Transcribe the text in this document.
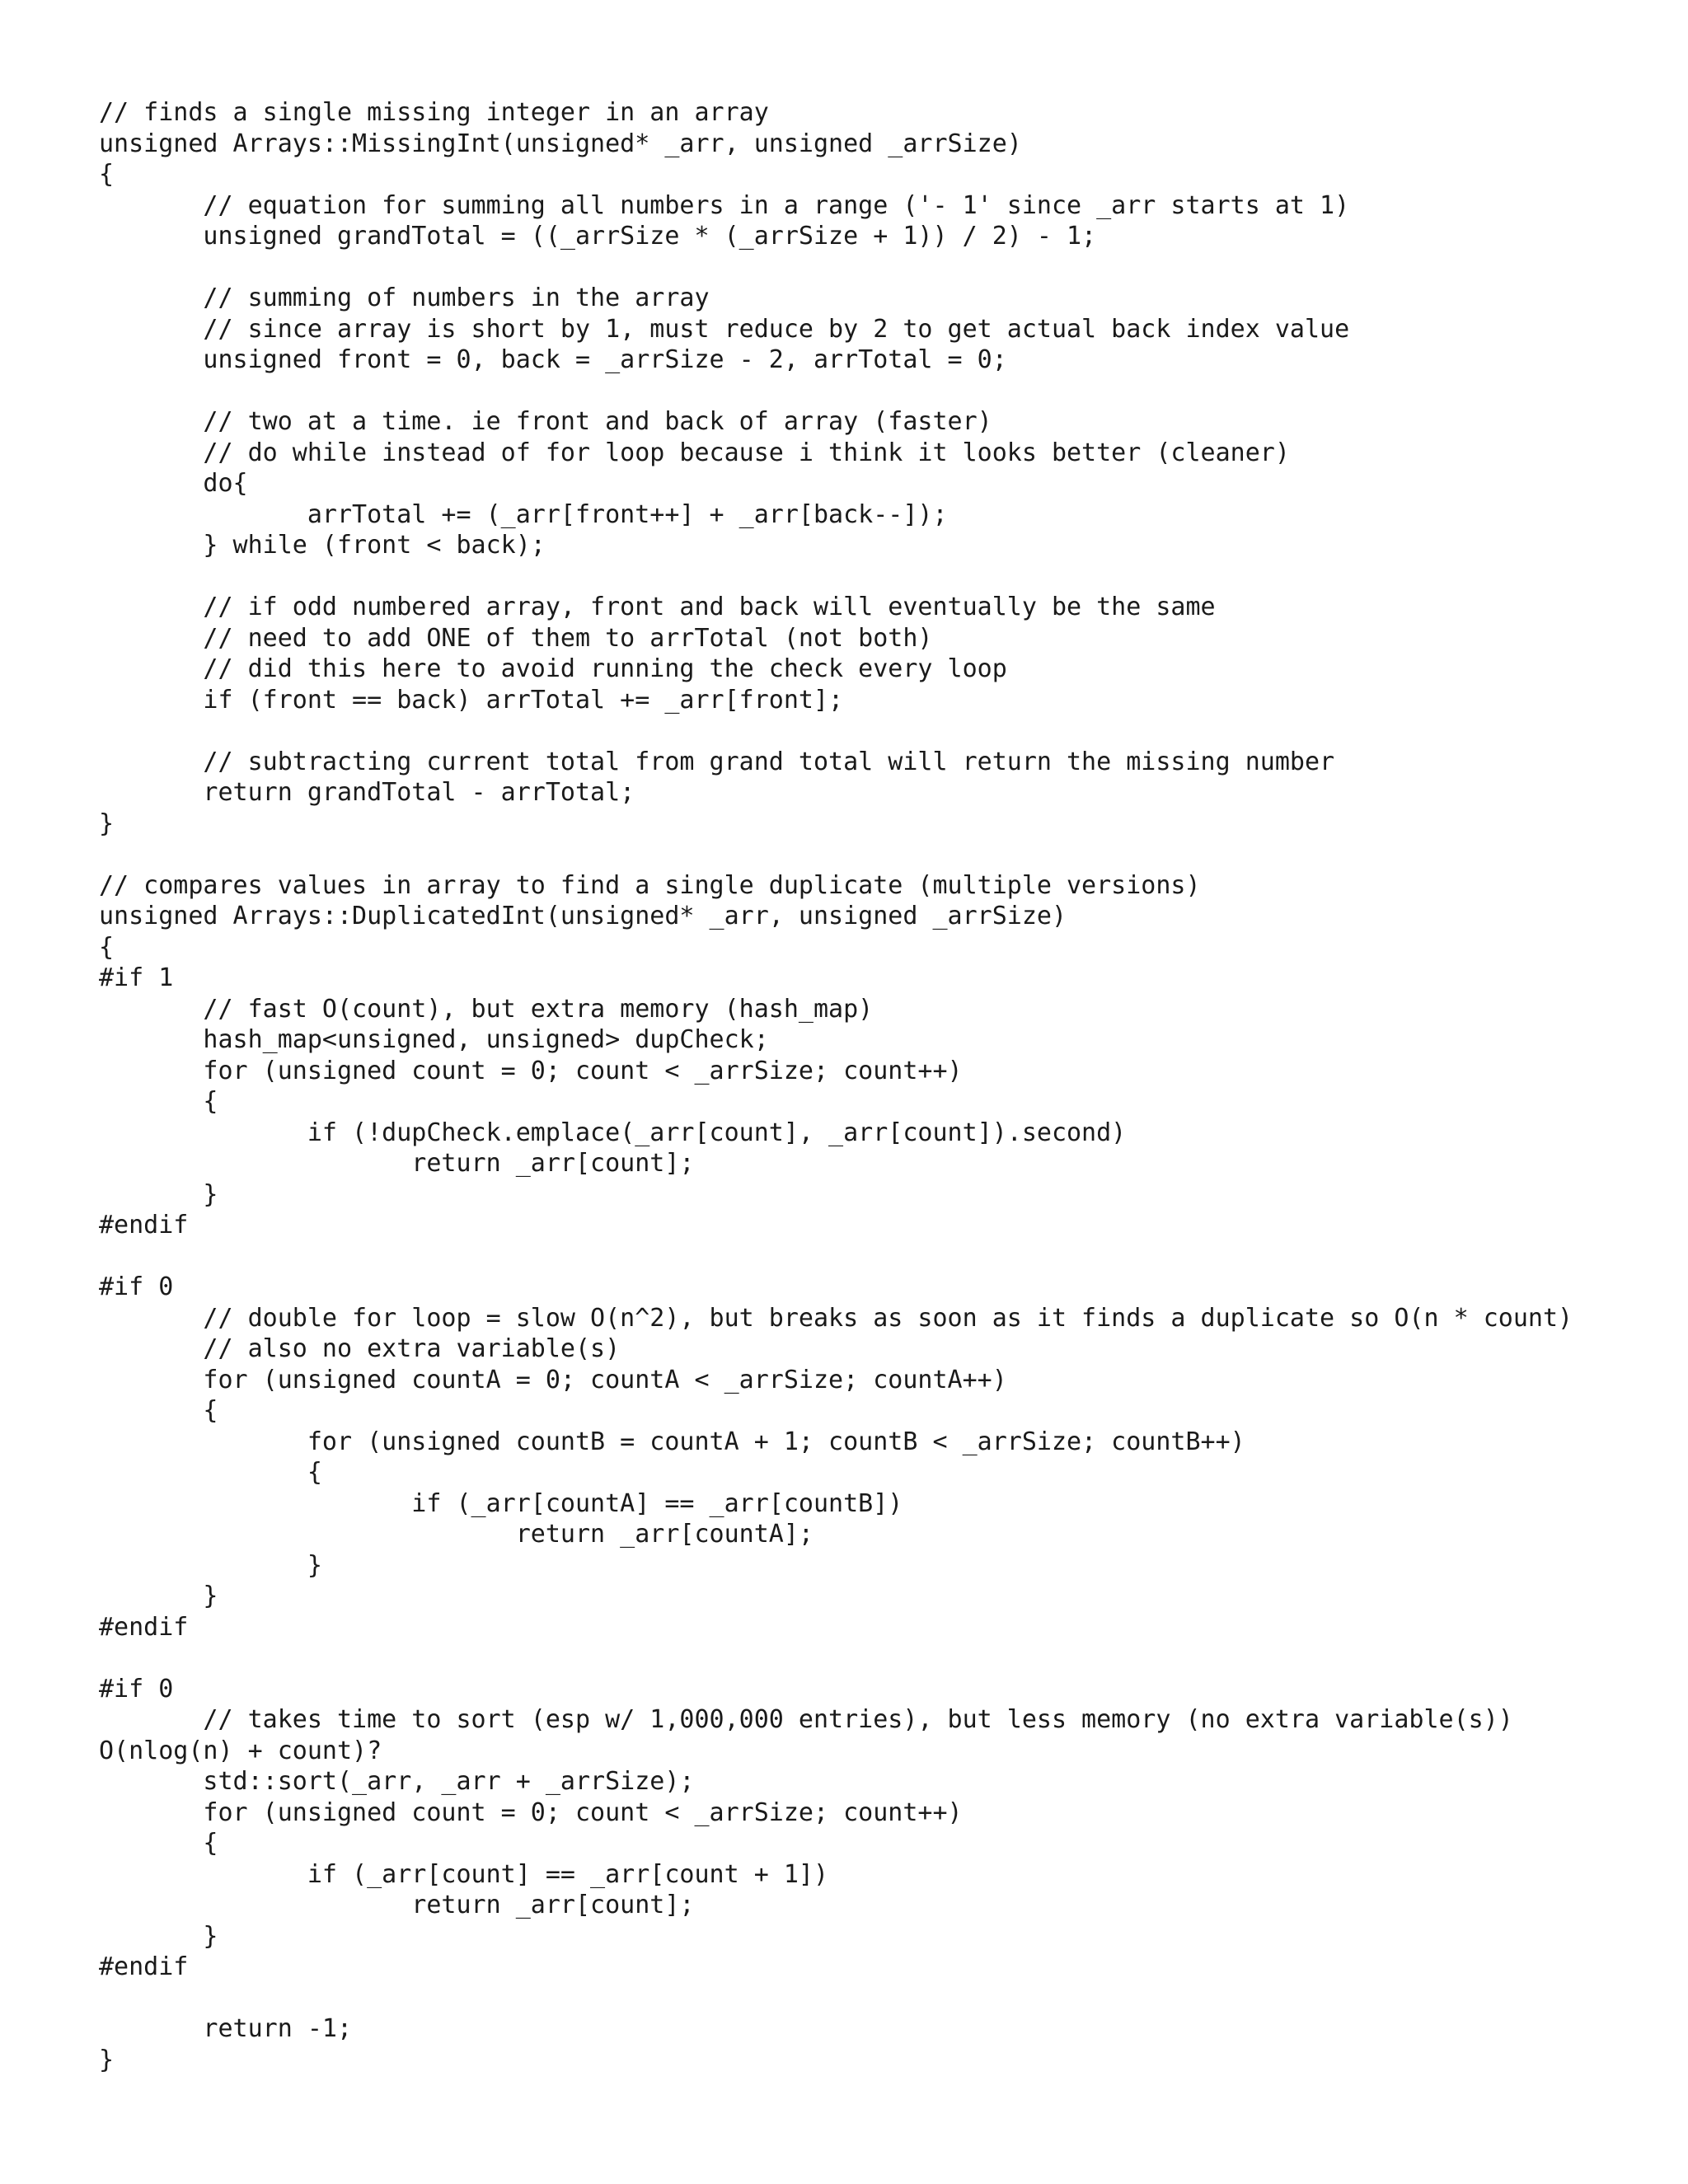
// finds a single missing integer in an array
unsigned Arrays::MissingInt(unsigned* _arr, unsigned _arrSize)
{
// equation for summing all numbers in a range ('- 1' since _arr starts at 1)
unsigned grandTotal = ((_arrSize * (_arrSize + 1)) / 2) - 1;
// summing of numbers in the array
// since array is short by 1, must reduce by 2 to get actual back index value
unsigned front = 0, back = _arrSize - 2, arrTotal = 0;
// two at a time. ie front and back of array (faster)
// do while instead of for loop because i think it looks better (cleaner)
do{
arrTotal += (_arr[front++] + _arr[back--]);
} while (front < back);
// if odd numbered array, front and back will eventually be the same
// need to add ONE of them to arrTotal (not both)
// did this here to avoid running the check every loop
if (front == back) arrTotal += _arr[front];
// subtracting current total from grand total will return the missing number
return grandTotal - arrTotal;
}
// compares values in array to find a single duplicate (multiple versions)
unsigned Arrays::DuplicatedInt(unsigned* _arr, unsigned _arrSize)
{
#if 1
// fast O(count), but extra memory (hash_map)
hash_map<unsigned, unsigned> dupCheck;
for (unsigned count = 0; count < _arrSize; count++)
{
if (!dupCheck.emplace(_arr[count], _arr[count]).second)
return _arr[count];
}
#endif
#if 0
// double for loop = slow O(n^2), but breaks as soon as it finds a duplicate so O(n * count)
// also no extra variable(s)
for (unsigned countA = 0; countA < _arrSize; countA++)
{
for (unsigned countB = countA + 1; countB < _arrSize; countB++)
{
if (_arr[countA] == _arr[countB])
return _arr[countA];
}
}
#endif
#if 0
// takes time to sort (esp w/ 1,000,000 entries), but less memory (no extra variable(s))
O(nlog(n) + count)?
std::sort(_arr, _arr + _arrSize);
for (unsigned count = 0; count < _arrSize; count++)
{
if (_arr[count] == _arr[count + 1])
return _arr[count];
}
#endif
return -1;
}
